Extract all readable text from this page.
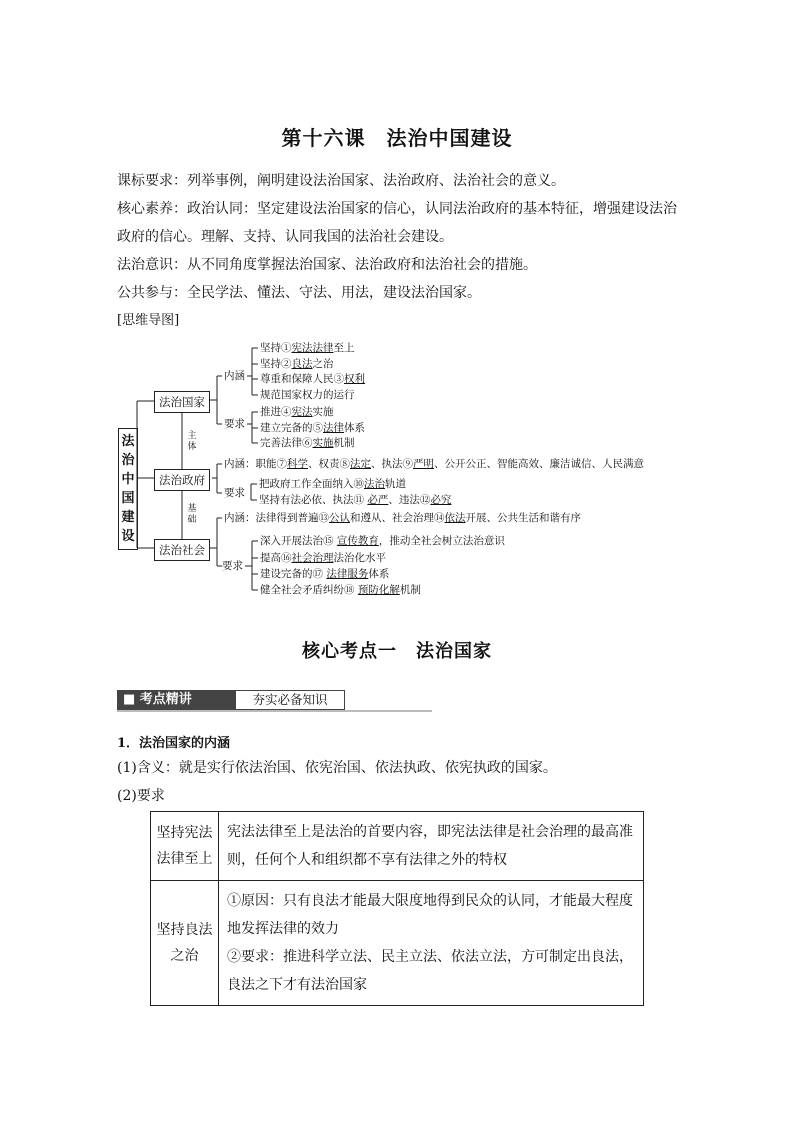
第十六课　法治中国建设
课标要求：列举事例，阐明建设法治国家、法治政府、法治社会的意义。
核心素养：政治认同：坚定建设法治国家的信心，认同法治政府的基本特征，增强建设法治政府的信心。理解、支持、认同我国的法治社会建设。
法治意识：从不同角度掌握法治国家、法治政府和法治社会的措施。
公共参与：全民学法、懂法、守法、用法，建设法治国家。
[思维导图]
法治中国建设
法治国家
法治政府
法治社会
主体
基础
内涵
坚持①宪法法律至上
坚持②良法之治
尊重和保障人民③权利
规范国家权力的运行
要求
推进④宪法实施
建立完备的⑤法律体系
完善法律⑥实施机制
内涵：职能⑦科学、权责⑧法定、执法⑨严明、公开公正、智能高效、廉洁诚信、人民满意
要求
把政府工作全面纳入⑩法治轨道
坚持有法必依、执法⑪ 必严、违法⑫必究
内涵：法律得到普遍⑬公认和遵从、社会治理⑭依法开展、公共生活和谐有序
要求
深入开展法治⑮ 宣传教育，推动全社会树立法治意识
提高⑯社会治理法治化水平
建设完备的⑰ 法律服务体系
健全社会矛盾纠纷⑱ 预防化解机制
核心考点一　法治国家
■ 考点精讲	夯实必备知识
1．法治国家的内涵
(1)含义：就是实行依法治国、依宪治国、依法执政、依宪执政的国家。
(2)要求
坚持宪法法律至上	宪法法律至上是法治的首要内容，即宪法法律是社会治理的最高准则，任何个人和组织都不享有法律之外的特权
坚持良法之治	①原因：只有良法才能最大限度地得到民众的认同，才能最大程度地发挥法律的效力
②要求：推进科学立法、民主立法、依法立法，方可制定出良法，良法之下才有法治国家
